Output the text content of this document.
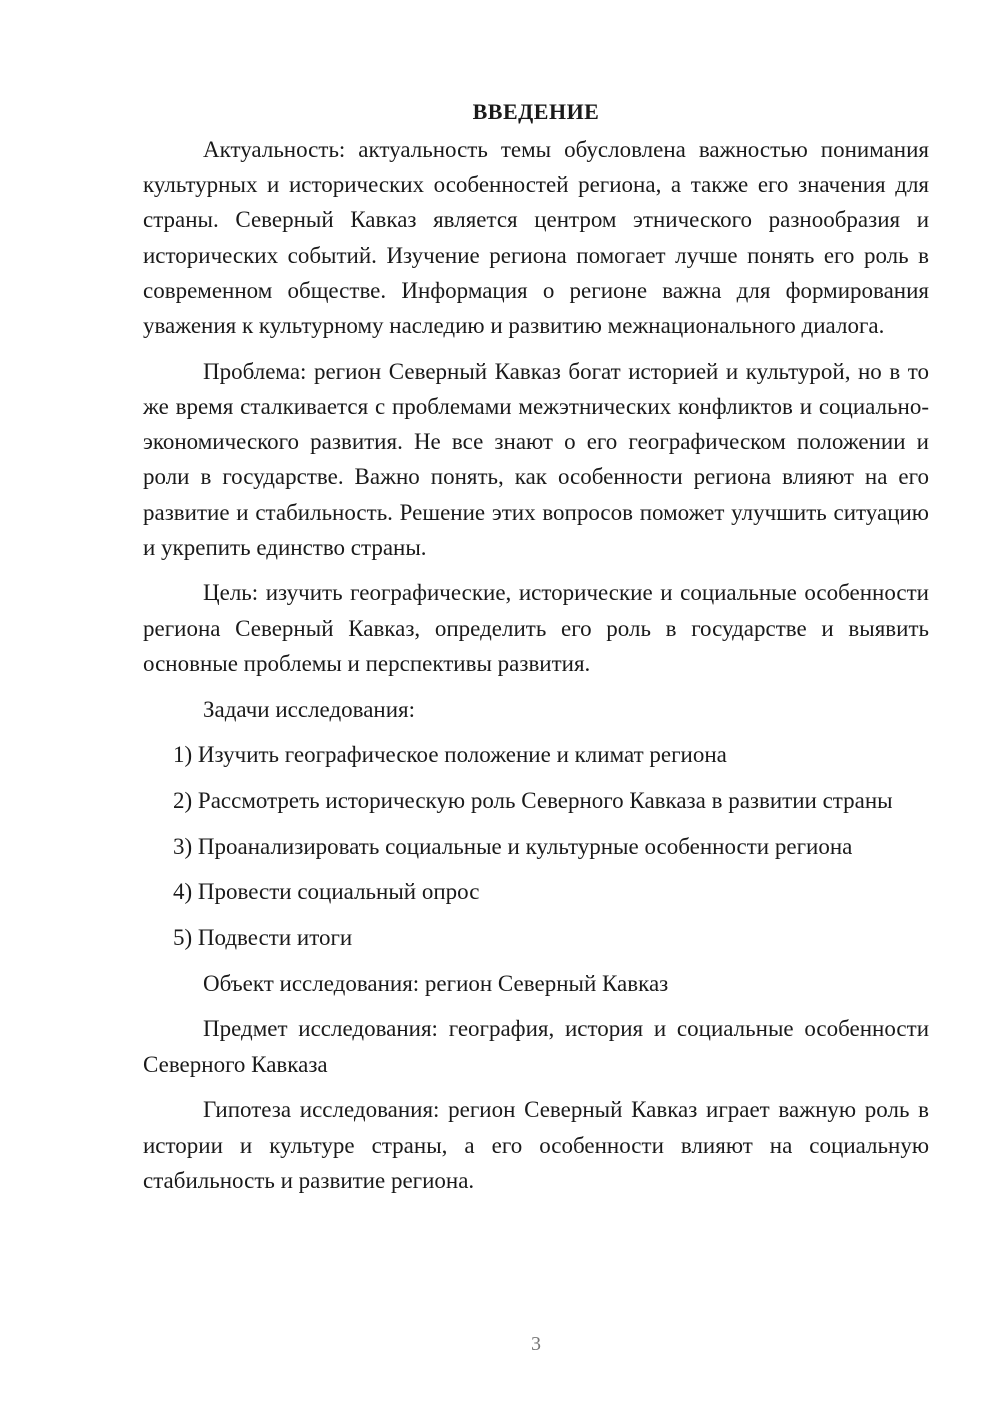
ВВЕДЕНИЕ

Актуальность: актуальность темы обусловлена важностью понимания культурных и исторических особенностей региона, а также его значения для страны. Северный Кавказ является центром этнического разнообразия и исторических событий. Изучение региона помогает лучше понять его роль в современном обществе. Информация о регионе важна для формирования уважения к культурному наследию и развитию межнационального диалога.

Проблема: регион Северный Кавказ богат историей и культурой, но в то же время сталкивается с проблемами межэтнических конфликтов и социально-экономического развития. Не все знают о его географическом положении и роли в государстве. Важно понять, как особенности региона влияют на его развитие и стабильность. Решение этих вопросов поможет улучшить ситуацию и укрепить единство страны.

Цель: изучить географические, исторические и социальные особенности региона Северный Кавказ, определить его роль в государстве и выявить основные проблемы и перспективы развития.

Задачи исследования:

1) Изучить географическое положение и климат региона

2) Рассмотреть историческую роль Северного Кавказа в развитии страны

3) Проанализировать социальные и культурные особенности региона

4) Провести социальный опрос

5) Подвести итоги

Объект исследования: регион Северный Кавказ

Предмет исследования: география, история и социальные особенности Северного Кавказа

Гипотеза исследования: регион Северный Кавказ играет важную роль в истории и культуре страны, а его особенности влияют на социальную стабильность и развитие региона.

3
